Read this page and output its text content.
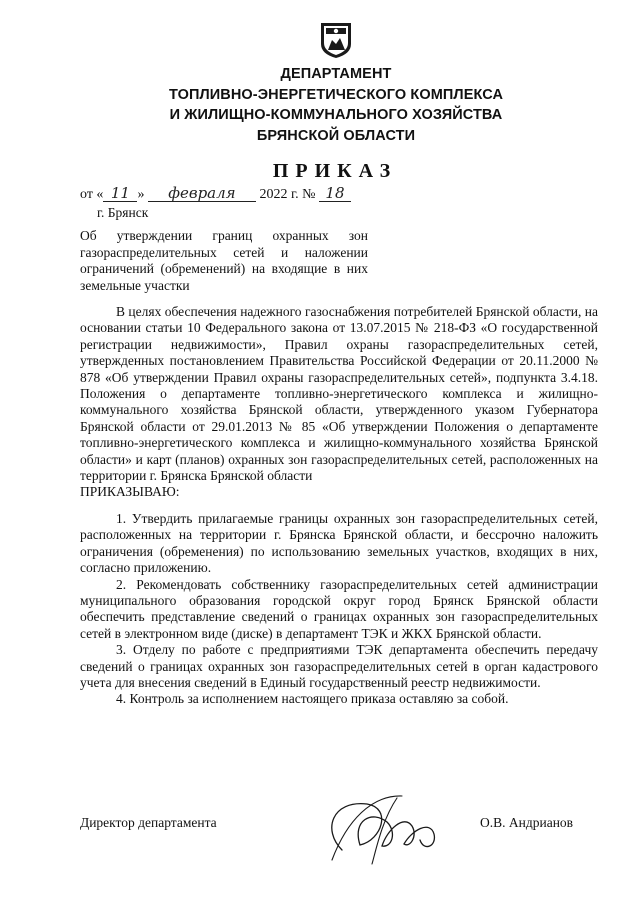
ДЕПАРТАМЕНТ
ТОПЛИВНО-ЭНЕРГЕТИЧЕСКОГО КОМПЛЕКСА
И ЖИЛИЩНО-КОММУНАЛЬНОГО ХОЗЯЙСТВА
БРЯНСКОЙ ОБЛАСТИ
ПРИКАЗ
от « 11 » февраля 2022 г. № 18
г. Брянск
Об утверждении границ охранных зон газораспределительных сетей и наложении ограничений (обременений) на входящие в них земельные участки

В целях обеспечения надежного газоснабжения потребителей Брянской области, на основании статьи 10 Федерального закона от 13.07.2015 № 218-ФЗ «О государственной регистрации недвижимости», Правил охраны газораспределительных сетей, утвержденных постановлением Правительства Российской Федерации от 20.11.2000 № 878 «Об утверждении Правил охраны газораспределительных сетей», подпункта 3.4.18. Положения о департаменте топливно-энергетического комплекса и жилищно-коммунального хозяйства Брянской области, утвержденного указом Губернатора Брянской области от 29.01.2013 № 85 «Об утверждении Положения о департаменте топливно-энергетического комплекса и жилищно-коммунального хозяйства Брянской области» и карт (планов) охранных зон газораспределительных сетей, расположенных на территории г. Брянска Брянской области

ПРИКАЗЫВАЮ:

1. Утвердить прилагаемые границы охранных зон газораспределительных сетей, расположенных на территории г. Брянска Брянской области, и бессрочно наложить ограничения (обременения) по использованию земельных участков, входящих в них, согласно приложению.

2. Рекомендовать собственнику газораспределительных сетей администрации муниципального образования городской округ город Брянск Брянской области обеспечить представление сведений о границах охранных зон газораспределительных сетей в электронном виде (диске) в департамент ТЭК и ЖКХ Брянской области.

3. Отделу по работе с предприятиями ТЭК департамента обеспечить передачу сведений о границах охранных зон газораспределительных сетей в орган кадастрового учета для внесения сведений в Единый государственный реестр недвижимости.

4. Контроль за исполнением настоящего приказа оставляю за собой.

Директор департамента	О.В. Андрианов
